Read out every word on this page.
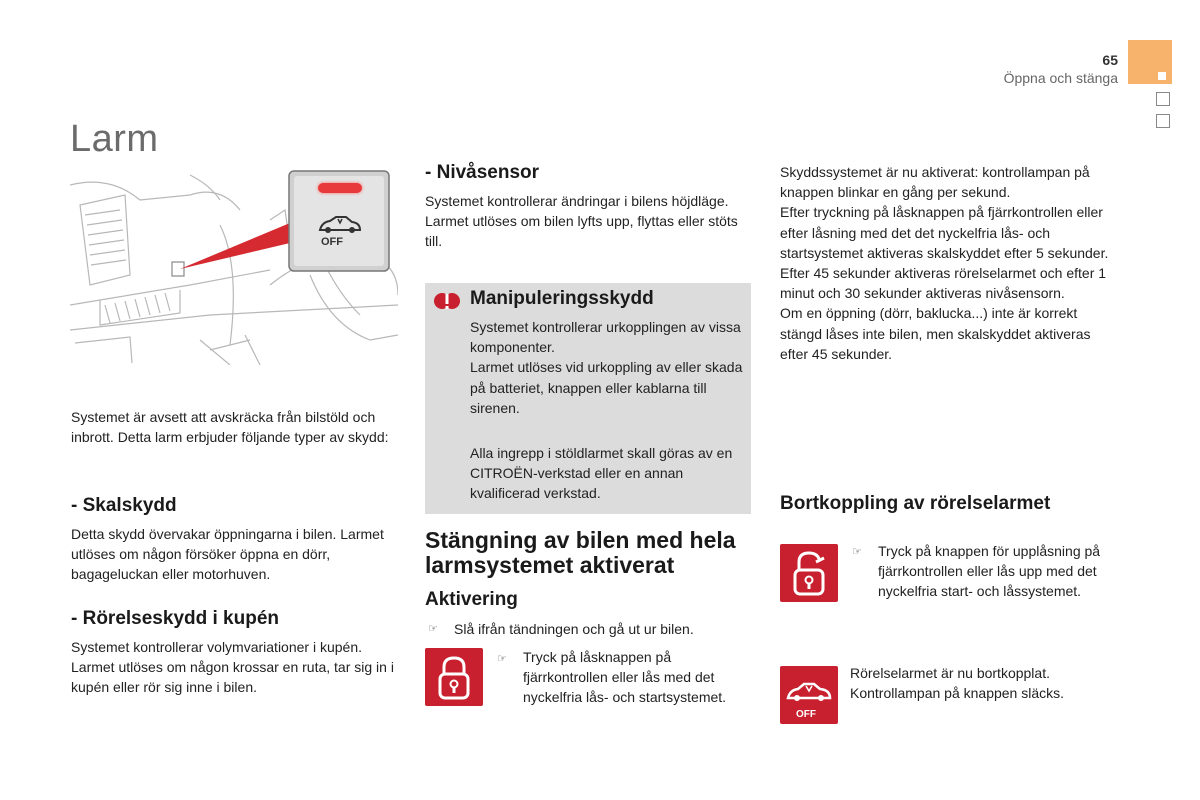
65
Öppna och stänga
Larm
OFF
Systemet är avsett att avskräcka från bilstöld och inbrott. Detta larm erbjuder följande typer av skydd:
- Skalskydd
Detta skydd övervakar öppningarna i bilen. Larmet utlöses om någon försöker öppna en dörr, bagageluckan eller motorhuven.
- Rörelseskydd i kupén
Systemet kontrollerar volymvariationer i kupén. Larmet utlöses om någon krossar en ruta, tar sig in i kupén eller rör sig inne i bilen.
- Nivåsensor
Systemet kontrollerar ändringar i bilens höjdläge.
Larmet utlöses om bilen lyfts upp, flyttas eller stöts till.
Manipuleringsskydd
Systemet kontrollerar urkopplingen av vissa komponenter.
Larmet utlöses vid urkoppling av eller skada på batteriet, knappen eller kablarna till sirenen.
Alla ingrepp i stöldlarmet skall göras av en CITROËN-verkstad eller en annan kvalificerad verkstad.
Stängning av bilen med hela larmsystemet aktiverat
Aktivering
☞ Slå ifrån tändningen och gå ut ur bilen.
☞ Tryck på låsknappen på fjärrkontrollen eller lås med det nyckelfria lås- och startsystemet.
Skyddssystemet är nu aktiverat: kontrollampan på knappen blinkar en gång per sekund.
Efter tryckning på låsknappen på fjärrkontrollen eller efter låsning med det det nyckelfria lås- och startsystemet aktiveras skalskyddet efter 5 sekunder. Efter 45 sekunder aktiveras rörelselarmet och efter 1 minut och 30 sekunder aktiveras nivåsensorn.
Om en öppning (dörr, baklucka...) inte är korrekt stängd låses inte bilen, men skalskyddet aktiveras efter 45 sekunder.
Bortkoppling av rörelselarmet
☞ Tryck på knappen för upplåsning på fjärrkontrollen eller lås upp med det nyckelfria start- och låssystemet.
OFF
Rörelselarmet är nu bortkopplat.
Kontrollampan på knappen släcks.
